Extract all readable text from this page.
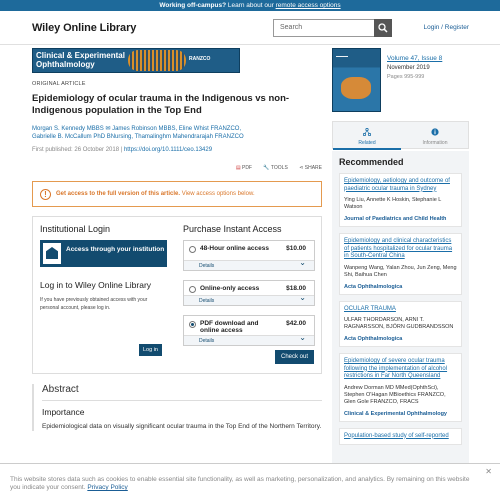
Working off-campus? Learn about our remote access options
Wiley Online Library	Search	Login / Register
Clinical & Experimental
Ophthalmology
RANZCO
ORIGINAL ARTICLE
Epidemiology of ocular trauma in the Indigenous vs non-Indigenous population in the Top End
Morgan S. Kennedy MBBS ✉ James Robinson MBBS, Eline Whist FRANZCO,
Gabrielle B. McCallum PhD BNursing, Thamalinghm Mahendrarajah FRANZCO
First published: 26 October 2018 | https://doi.org/10.1111/ceo.13429
▤ PDF 🔧 TOOLS ⋖ SHARE
!	Get access to the full version of this article. View access options below.
Institutional Login
Access through your institution
Log in to Wiley Online Library
If you have previously obtained access with your personal account, please log in.
Log in
Purchase Instant Access
48-Hour online access	$10.00
Details ⌄
Online-only access	$18.00
Details ⌄
PDF download and online access
$42.00
Details ⌄
Check out
Abstract
Importance

Epidemiological data on visually significant ocular trauma in the Top End of the Northern Territory.

▬▬▬▬	Volume 47, Issue 8
November 2019
Pages 995-999
Related	Information
Recommended
Epidemiology, aetiology and outcome of paediatric ocular trauma in Sydney
Ying Liu, Annette K Hoskin, Stephanie L Watson
Journal of Paediatrics and Child Health
Epidemiology and clinical characteristics of patients hospitalized for ocular trauma in South-Central China
Wanpeng Wang, Yalan Zhou, Jun Zeng, Meng Shi, Baihua Chen
Acta Ophthalmologica
OCULAR TRAUMA
ULFAR THORDARSON, ARNI T. RAGNARSSON, BJÖRN GUDBRANDSSON
Acta Ophthalmologica
Epidemiology of severe ocular trauma following the implementation of alcohol restrictions in Far North Queensland
Andrew Dorman MD MMed(OphthSci), Stephen O'Hagan MBioethics FRANZCO, Glen Gole FRANZCO, FRACS
Clinical & Experimental Ophthalmology
Population-based study of self-reported
✕
This website stores data such as cookies to enable essential site functionality, as well as marketing, personalization, and analytics. By remaining on this website you indicate your consent. Privacy Policy
